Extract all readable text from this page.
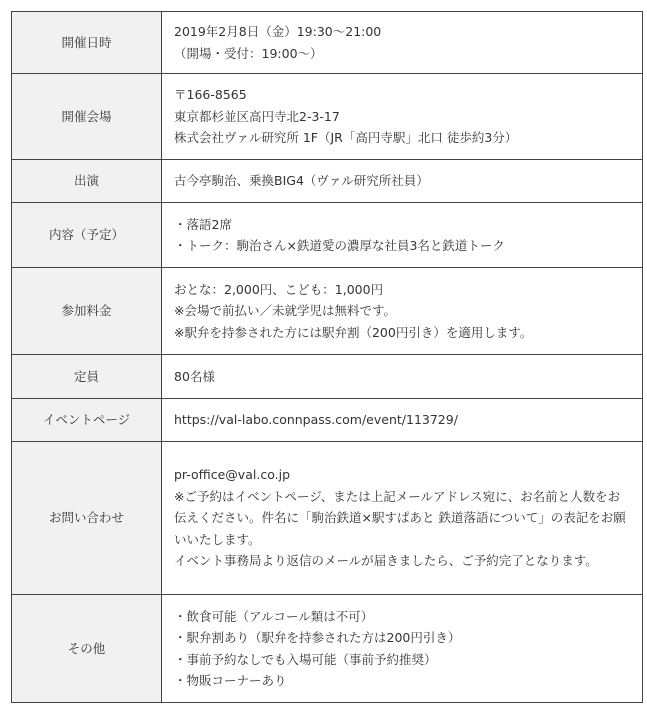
開催日時	2019年2月8日（金）19:30〜21:00
（開場・受付：19:00〜）

開催会場	〒166-8565
東京都杉並区高円寺北2-3-17
株式会社ヴァル研究所 1F（JR「高円寺駅」北口 徒歩約3分）

出演	古今亭駒治、乗換BIG4（ヴァル研究所社員）

内容（予定）	・落語2席
・トーク：駒治さん×鉄道愛の濃厚な社員3名と鉄道トーク

参加料金	おとな：2,000円、こども：1,000円
※会場で前払い／未就学児は無料です。
※駅弁を持参された方には駅弁割（200円引き）を適用します。

定員	80名様

イベントページ	https://val-labo.connpass.com/event/113729/

お問い合わせ	pr-office@val.co.jp
※ご予約はイベントページ、または上記メールアドレス宛に、お名前と人数をお伝えください。件名に「駒治鉄道×駅すぱあと 鉄道落語について」の表記をお願いいたします。
イベント事務局より返信のメールが届きましたら、ご予約完了となります。

その他	・飲食可能（アルコール類は不可）
・駅弁割あり（駅弁を持参された方は200円引き）
・事前予約なしでも入場可能（事前予約推奨）
・物販コーナーあり
